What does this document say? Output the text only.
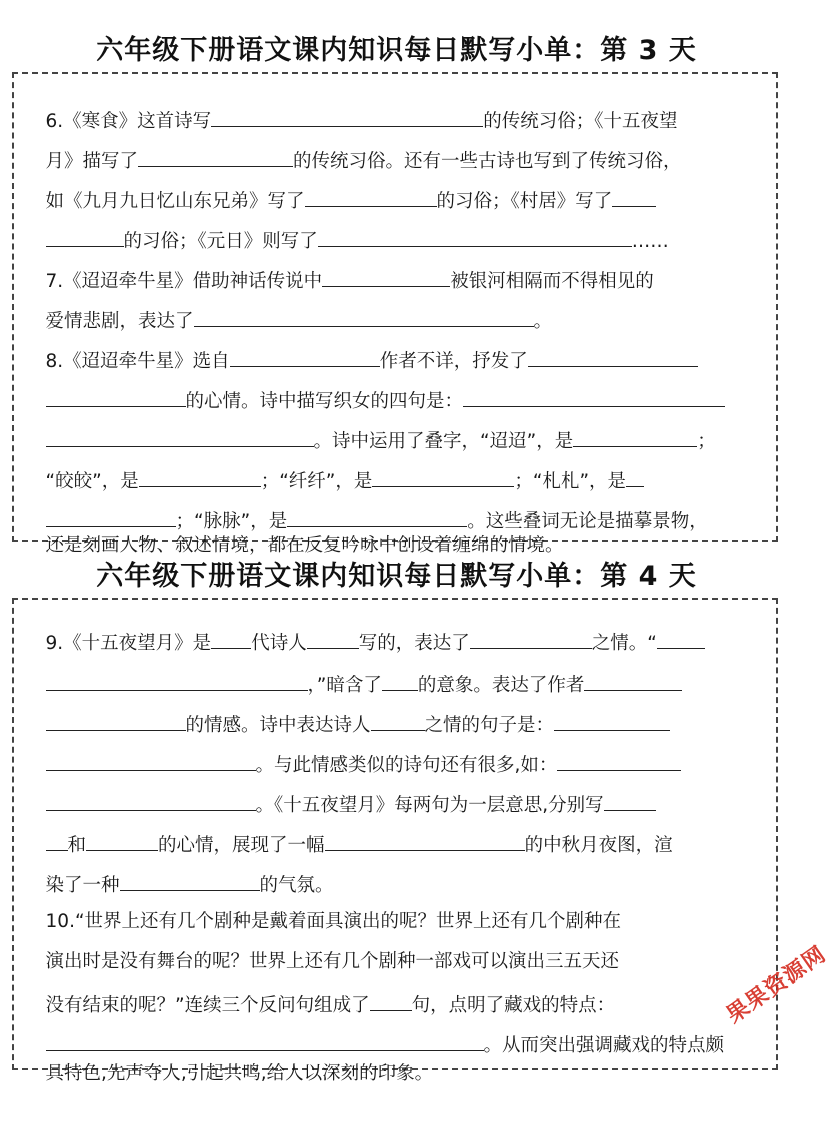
六年级下册语文课内知识每日默写小单：第 3 天

6.《寒食》这首诗写	的传统习俗；《十五夜望

月》描写了	的传统习俗。还有一些古诗也写到了传统习俗，

如《九月九日忆山东兄弟》写了	的习俗；《村居》写了

的习俗；《元日》则写了	……

7.《迢迢牵牛星》借助神话传说中	被银河相隔而不得相见的

爱情悲剧，表达了	。

8.《迢迢牵牛星》选自	作者不详，抒发了

的心情。诗中描写织女的四句是：

。诗中运用了叠字，“迢迢”，是	；

“皎皎”，是	；“纤纤”，是	；“札札”，是

；“脉脉”，是	。这些叠词无论是描摹景物，

还是刻画人物、叙述情境，都在反复吟咏中创设着缠绵的情境。

六年级下册语文课内知识每日默写小单：第 4 天

9.《十五夜望月》是 代诗人	写的，表达了	之情。“

，”暗含了 的意象。表达了作者

的情感。诗中表达诗人	之情的句子是：

。与此情感类似的诗句还有很多,如：

。《十五夜望月》每两句为一层意思,分别写

和	的心情，展现了一幅	的中秋月夜图，渲

染了一种	的气氛。

10.“世界上还有几个剧种是戴着面具演出的呢？世界上还有几个剧种在

演出时是没有舞台的呢？世界上还有几个剧种一部戏可以演出三五天还

没有结束的呢？”连续三个反问句组成了 句，点明了藏戏的特点：

。从而突出强调藏戏的特点颇

具特色,先声夺人,引起共鸣,给人以深刻的印象。

果果资源网
